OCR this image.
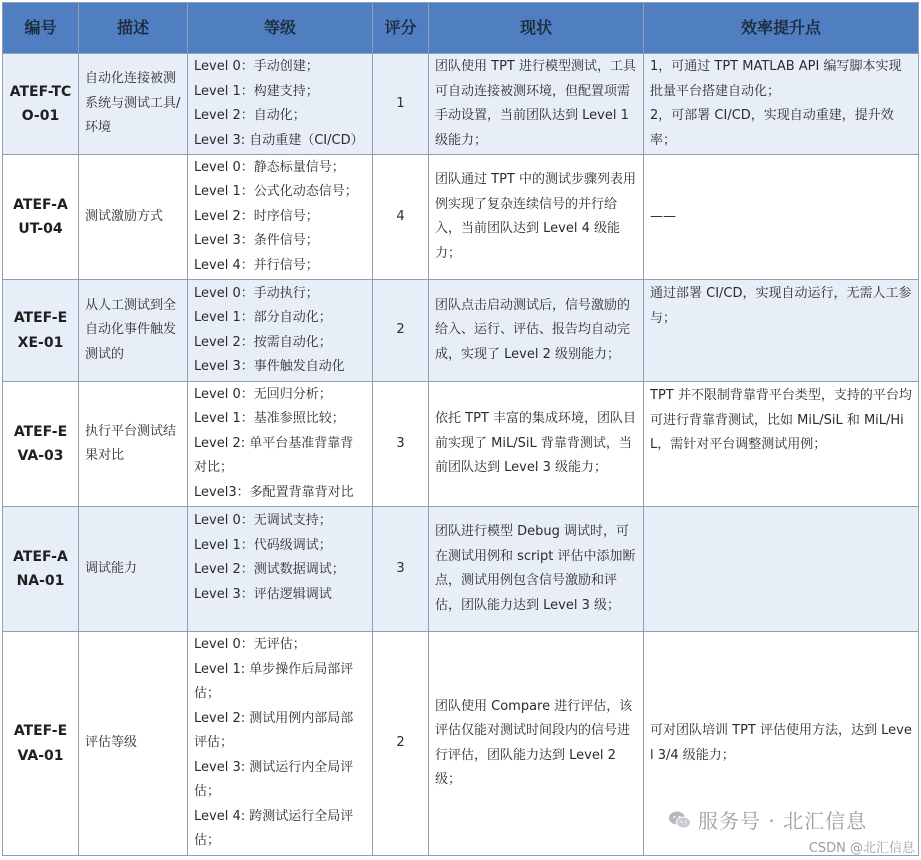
编号	描述	等级	评分	现状	效率提升点
ATEF-TCO-01	自动化连接被测系统与测试工具/环境	Level 0：手动创建；
Level 1：构建支持；
Level 2：自动化；
Level 3: 自动重建（CI/CD）	1	团队使用 TPT 进行模型测试，工具可自动连接被测环境，但配置项需手动设置，当前团队达到 Level 1 级能力；	1，可通过 TPT MATLAB API 编写脚本实现批量平台搭建自动化；
2，可部署 CI/CD，实现自动重建，提升效率；

ATEF-AUT-04	测试激励方式	Level 0：静态标量信号；
Level 1：公式化动态信号；
Level 2：时序信号；
Level 3：条件信号；
Level 4：并行信号；	4	团队通过 TPT 中的测试步骤列表用例实现了复杂连续信号的并行给入，当前团队达到 Level 4 级能力；	——
ATEF-EXE-01	从人工测试到全自动化事件触发测试的	Level 0：手动执行；
Level 1：部分自动化；
Level 2：按需自动化；
Level 3：事件触发自动化	2	团队点击启动测试后，信号激励的给入、运行、评估、报告均自动完成，实现了 Level 2 级别能力；	通过部署 CI/CD，实现自动运行，无需人工参与；

ATEF-EVA-03	执行平台测试结果对比	Level 0：无回归分析；
Level 1：基准参照比较；
Level 2: 单平台基准背靠背对比；
Level3：多配置背靠背对比	3	依托 TPT 丰富的集成环境，团队目前实现了 MiL/SiL 背靠背测试，当前团队达到 Level 3 级能力；	TPT 并不限制背靠背平台类型，支持的平台均可进行背靠背测试，比如 MiL/SiL 和 MiL/HiL，需针对平台调整测试用例；

ATEF-ANA-01	调试能力	Level 0：无调试支持；
Level 1：代码级调试；
Level 2：测试数据调试；
Level 3：评估逻辑调试	3	团队进行模型 Debug 调试时，可在测试用例和 script 评估中添加断点，测试用例包含信号激励和评估，团队能力达到 Level 3 级；	
ATEF-EVA-01	评估等级	Level 0：无评估；
Level 1: 单步操作后局部评估；
Level 2: 测试用例内部局部评估；
Level 3: 测试运行内全局评估；
Level 4: 跨测试运行全局评估；	2	团队使用 Compare 进行评估，该评估仅能对测试时间段内的信号进行评估，团队能力达到 Level 2 级；	可对团队培训 TPT 评估使用方法，达到 Level 3/4 级能力；
服务号 · 北汇信息
CSDN @北汇信息
